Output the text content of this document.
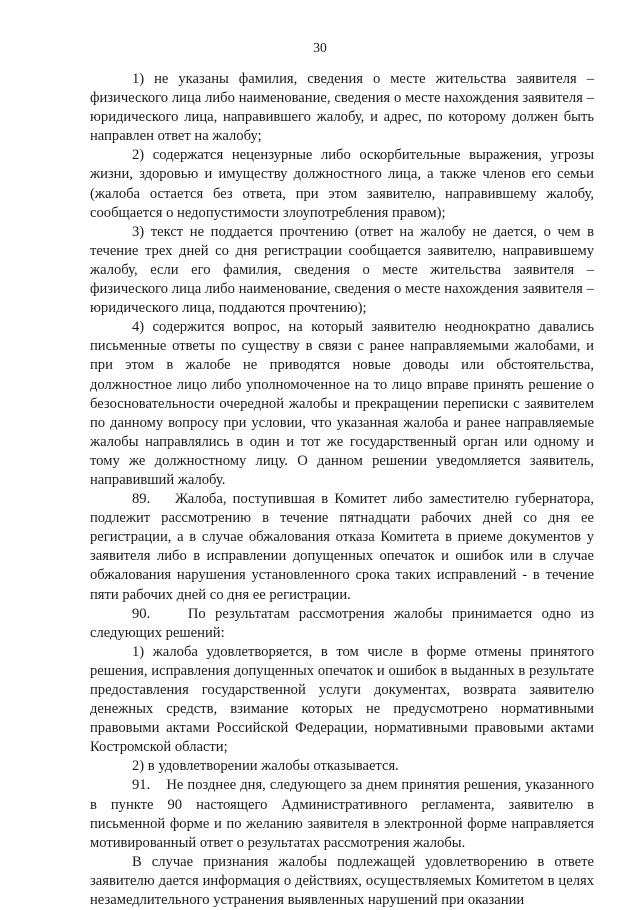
30

1) не указаны фамилия, сведения о месте жительства заявителя – физического лица либо наименование, сведения о месте нахождения заявителя – юридического лица, направившего жалобу, и адрес, по которому должен быть направлен ответ на жалобу;

2) содержатся нецензурные либо оскорбительные выражения, угрозы жизни, здоровью и имуществу должностного лица, а также членов его семьи (жалоба остается без ответа, при этом заявителю, направившему жалобу, сообщается о недопустимости злоупотребления правом);

3) текст не поддается прочтению (ответ на жалобу не дается, о чем в течение трех дней со дня регистрации сообщается заявителю, направившему жалобу, если его фамилия, сведения о месте жительства заявителя – физического лица либо наименование, сведения о месте нахождения заявителя – юридического лица, поддаются прочтению);

4) содержится вопрос, на который заявителю неоднократно давались письменные ответы по существу в связи с ранее направляемыми жалобами, и при этом в жалобе не приводятся новые доводы или обстоятельства, должностное лицо либо уполномоченное на то лицо вправе принять решение о безосновательности очередной жалобы и прекращении переписки с заявителем по данному вопросу при условии, что указанная жалоба и ранее направляемые жалобы направлялись в один и тот же государственный орган или одному и тому же должностному лицу. О данном решении уведомляется заявитель, направивший жалобу.

89.    Жалоба, поступившая в Комитет либо заместителю губернатора, подлежит рассмотрению в течение пятнадцати рабочих дней со дня ее регистрации, а в случае обжалования отказа Комитета в приеме документов у заявителя либо в исправлении допущенных опечаток и ошибок или в случае обжалования нарушения установленного срока таких исправлений - в течение пяти рабочих дней со дня ее регистрации.

90.    По результатам рассмотрения жалобы принимается одно из следующих решений:

1) жалоба удовлетворяется, в том числе в форме отмены принятого решения, исправления допущенных опечаток и ошибок в выданных в результате предоставления государственной услуги документах, возврата заявителю денежных средств, взимание которых не предусмотрено нормативными правовыми актами Российской Федерации, нормативными правовыми актами Костромской области;

2) в удовлетворении жалобы отказывается.

91.    Не позднее дня, следующего за днем принятия решения, указанного в пункте 90 настоящего Административного регламента, заявителю в письменной форме и по желанию заявителя в электронной форме направляется мотивированный ответ о результатах рассмотрения жалобы.

В случае признания жалобы подлежащей удовлетворению в ответе заявителю дается информация о действиях, осуществляемых Комитетом в целях незамедлительного устранения выявленных нарушений при оказании
